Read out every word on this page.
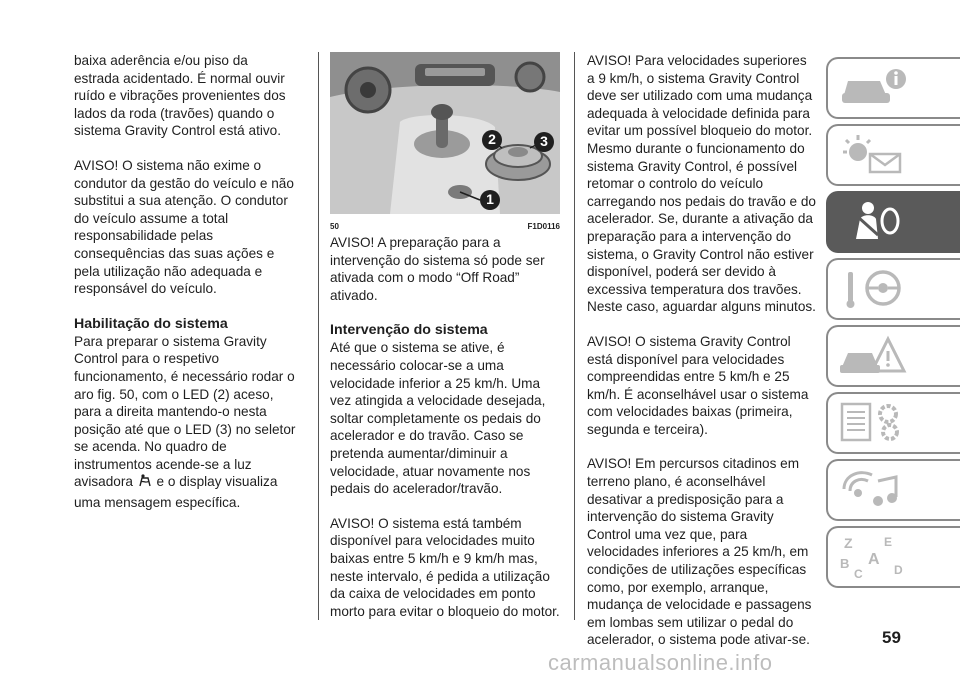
baixa aderência e/ou piso da estrada acidentado. É normal ouvir ruído e vibrações provenientes dos lados da roda (travões) quando o sistema Gravity Control está ativo.

AVISO! O sistema não exime o condutor da gestão do veículo e não substitui a sua atenção. O condutor do veículo assume a total responsabilidade pelas consequências das suas ações e pela utilização não adequada e responsável do veículo.

Habilitação do sistema

Para preparar o sistema Gravity Control para o respetivo funcionamento, é necessário rodar o aro fig. 50, com o LED (2) aceso, para a direita mantendo-o nesta posição até que o LED (3) no seletor se acenda. No quadro de instrumentos acende-se a luz avisadora e o display visualiza uma mensagem específica.

1
2	3
50	F1D0116

AVISO! A preparação para a intervenção do sistema só pode ser ativada com o modo “Off Road” ativado.

Intervenção do sistema

Até que o sistema se ative, é necessário colocar-se a uma velocidade inferior a 25 km/h. Uma vez atingida a velocidade desejada, soltar completamente os pedais do acelerador e do travão. Caso se pretenda aumentar/diminuir a velocidade, atuar novamente nos pedais do acelerador/travão.

AVISO! O sistema está também disponível para velocidades muito baixas entre 5 km/h e 9 km/h mas, neste intervalo, é pedida a utilização da caixa de velocidades em ponto morto para evitar o bloqueio do motor.

AVISO! Para velocidades superiores a 9 km/h, o sistema Gravity Control deve ser utilizado com uma mudança adequada à velocidade definida para evitar um possível bloqueio do motor. Mesmo durante o funcionamento do sistema Gravity Control, é possível retomar o controlo do veículo carregando nos pedais do travão e do acelerador. Se, durante a ativação da preparação para a intervenção do sistema, o Gravity Control não estiver disponível, poderá ser devido à excessiva temperatura dos travões. Neste caso, aguardar alguns minutos.

AVISO! O sistema Gravity Control está disponível para velocidades compreendidas entre 5 km/h e 25 km/h. É aconselhável usar o sistema com velocidades baixas (primeira, segunda e terceira).

AVISO! Em percursos citadinos em terreno plano, é aconselhável desativar a predisposição para a intervenção do sistema Gravity Control uma vez que, para velocidades inferiores a 25 km/h, em condições de utilizações específicas como, por exemplo, arranque, mudança de velocidade e passagens em lombas sem utilizar o pedal do acelerador, o sistema pode ativar-se.

Z	E
A
B
C	D
59
carmanualsonline.info
